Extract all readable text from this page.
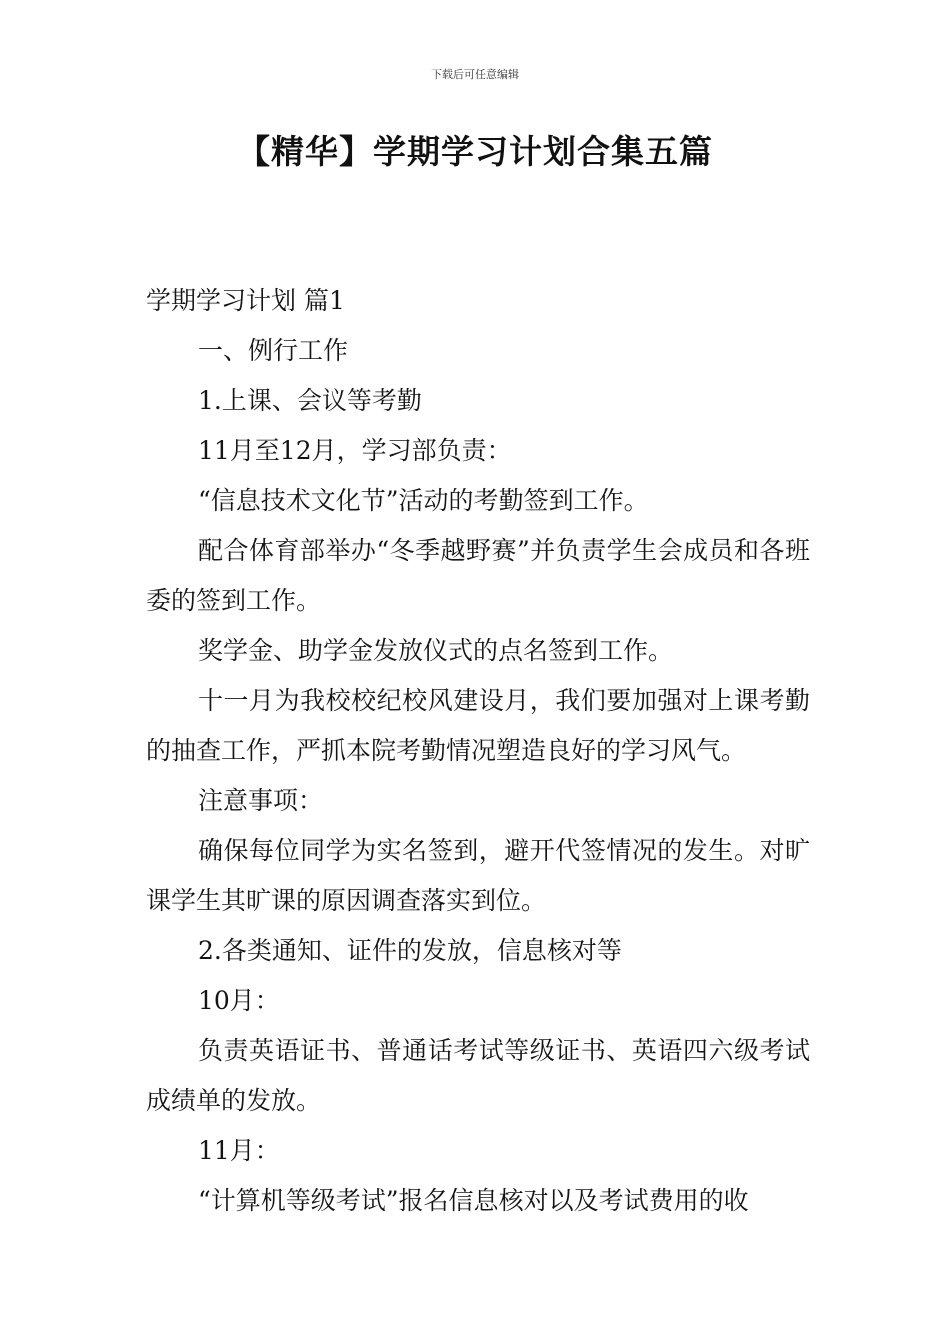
下载后可任意编辑
【精华】学期学习计划合集五篇

学期学习计划 篇1

一、例行工作

1.上课、会议等考勤

11月至12月，学习部负责：

“信息技术文化节”活动的考勤签到工作。

配合体育部举办“冬季越野赛”并负责学生会成员和各班委的签到工作。

奖学金、助学金发放仪式的点名签到工作。

十一月为我校校纪校风建设月，我们要加强对上课考勤的抽查工作，严抓本院考勤情况塑造良好的学习风气。

注意事项：

确保每位同学为实名签到，避开代签情况的发生。对旷课学生其旷课的原因调查落实到位。

2.各类通知、证件的发放，信息核对等

10月：

负责英语证书、普通话考试等级证书、英语四六级考试成绩单的发放。

11月：

“计算机等级考试”报名信息核对以及考试费用的收
